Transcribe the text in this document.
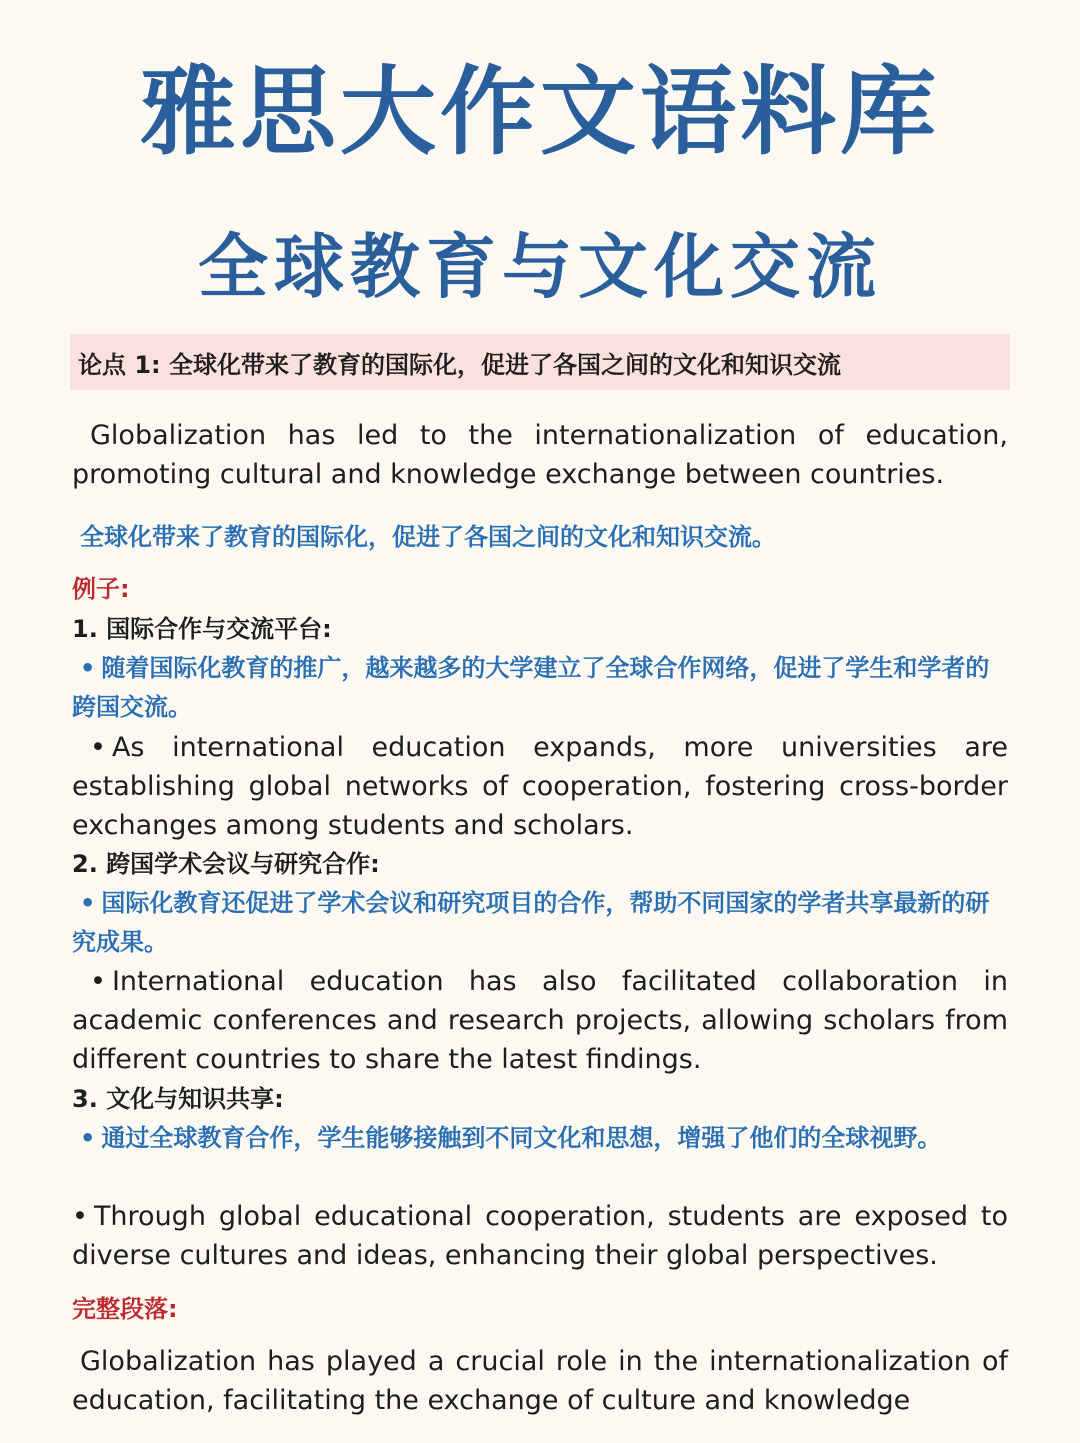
雅思大作文语料库
全球教育与文化交流
论点 1: 全球化带来了教育的国际化，促进了各国之间的文化和知识交流
Globalization has led to the internationalization of education, promoting cultural and knowledge exchange between countries.
全球化带来了教育的国际化，促进了各国之间的文化和知识交流。
例子:
1. 国际合作与交流平台:
• 随着国际化教育的推广，越来越多的大学建立了全球合作网络，促进了学生和学者的跨国交流。
• As international education expands, more universities are establishing global networks of cooperation, fostering cross-border exchanges among students and scholars.
2. 跨国学术会议与研究合作:
• 国际化教育还促进了学术会议和研究项目的合作，帮助不同国家的学者共享最新的研究成果。
• International education has also facilitated collaboration in academic conferences and research projects, allowing scholars from different countries to share the latest findings.
3. 文化与知识共享:
• 通过全球教育合作，学生能够接触到不同文化和思想，增强了他们的全球视野。
• Through global educational cooperation, students are exposed to diverse cultures and ideas, enhancing their global perspectives.
完整段落:
Globalization has played a crucial role in the internationalization of education, facilitating the exchange of culture and knowledge
